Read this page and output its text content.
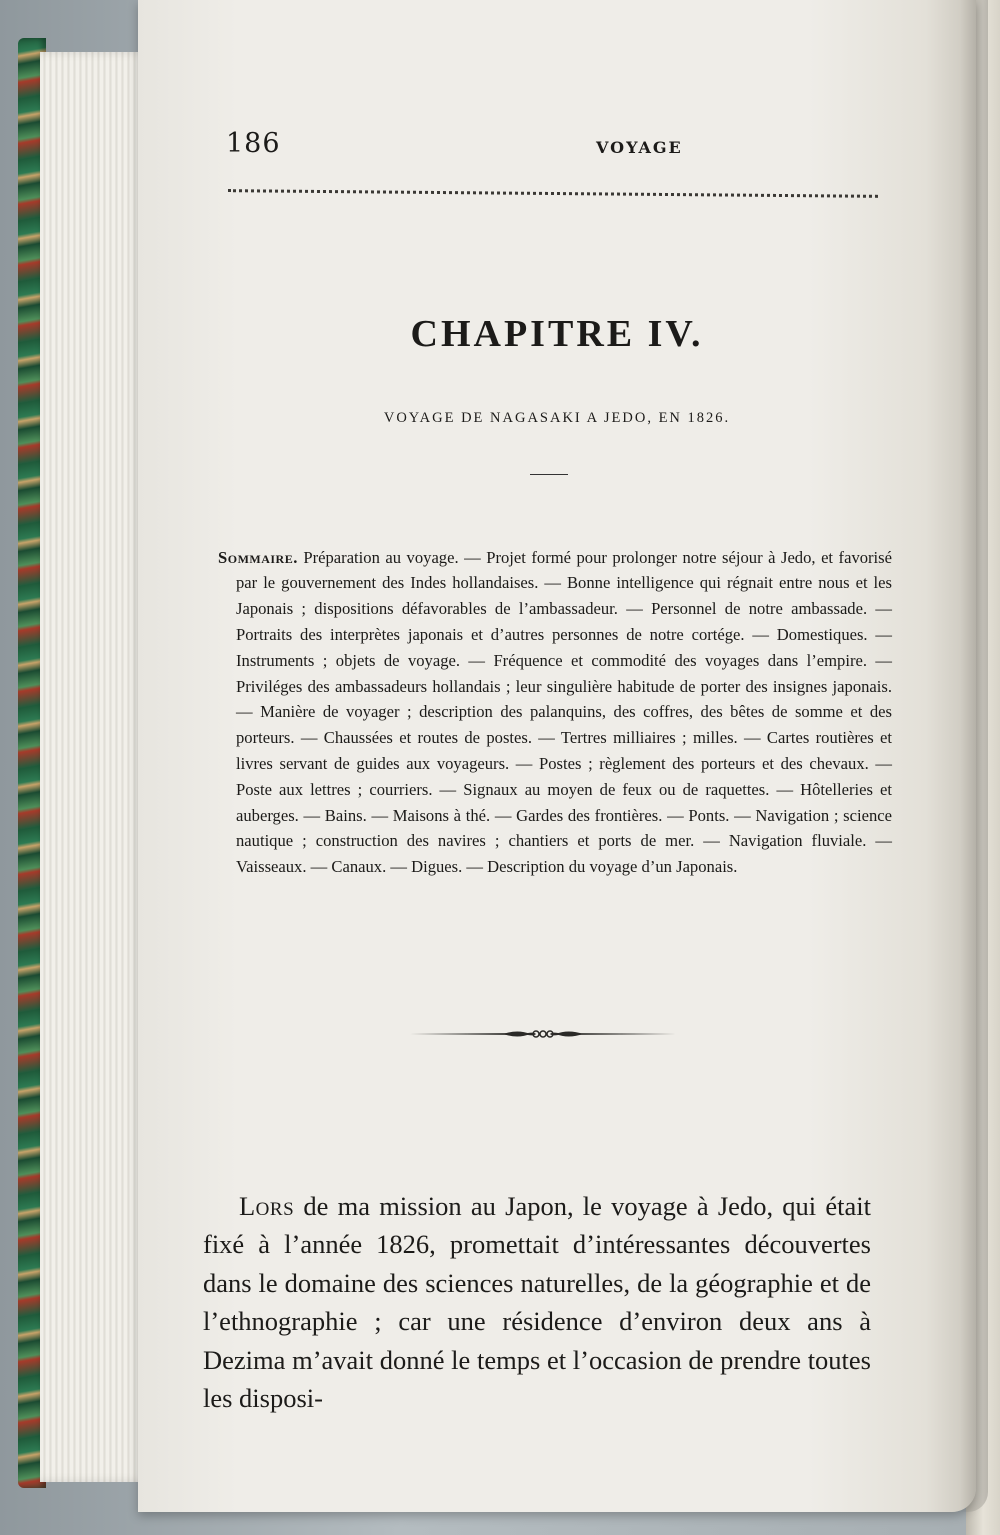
186	VOYAGE
CHAPITRE IV.
VOYAGE DE NAGASAKI A JEDO, EN 1826.

Sommaire. Préparation au voyage. — Projet formé pour prolonger notre séjour à Jedo, et favorisé par le gouvernement des Indes hollandaises. — Bonne intelligence qui régnait entre nous et les Japonais ; dispositions défavorables de l’ambassadeur. — Personnel de notre ambassade. — Portraits des interprètes japonais et d’autres personnes de notre cortége. — Domestiques. — Instruments ; objets de voyage. — Fréquence et commodité des voyages dans l’empire. — Priviléges des ambassadeurs hollandais ; leur singulière habitude de porter des insignes japonais. — Manière de voyager ; description des palanquins, des coffres, des bêtes de somme et des porteurs. — Chaussées et routes de postes. — Tertres milliaires ; milles. — Cartes routières et livres servant de guides aux voyageurs. — Postes ; règlement des porteurs et des chevaux. — Poste aux lettres ; courriers. — Signaux au moyen de feux ou de raquettes. — Hôtelleries et auberges. — Bains. — Maisons à thé. — Gardes des frontières. — Ponts. — Navigation ; science nautique ; construction des navires ; chantiers et ports de mer. — Navigation fluviale. — Vaisseaux. — Canaux. — Digues. — Description du voyage d’un Japonais.

Lors de ma mission au Japon, le voyage à Jedo, qui était fixé à l’année 1826, promettait d’intéressantes découvertes dans le domaine des sciences naturelles, de la géographie et de l’ethnographie ; car une résidence d’environ deux ans à Dezima m’avait donné le temps et l’occasion de prendre toutes les disposi-
